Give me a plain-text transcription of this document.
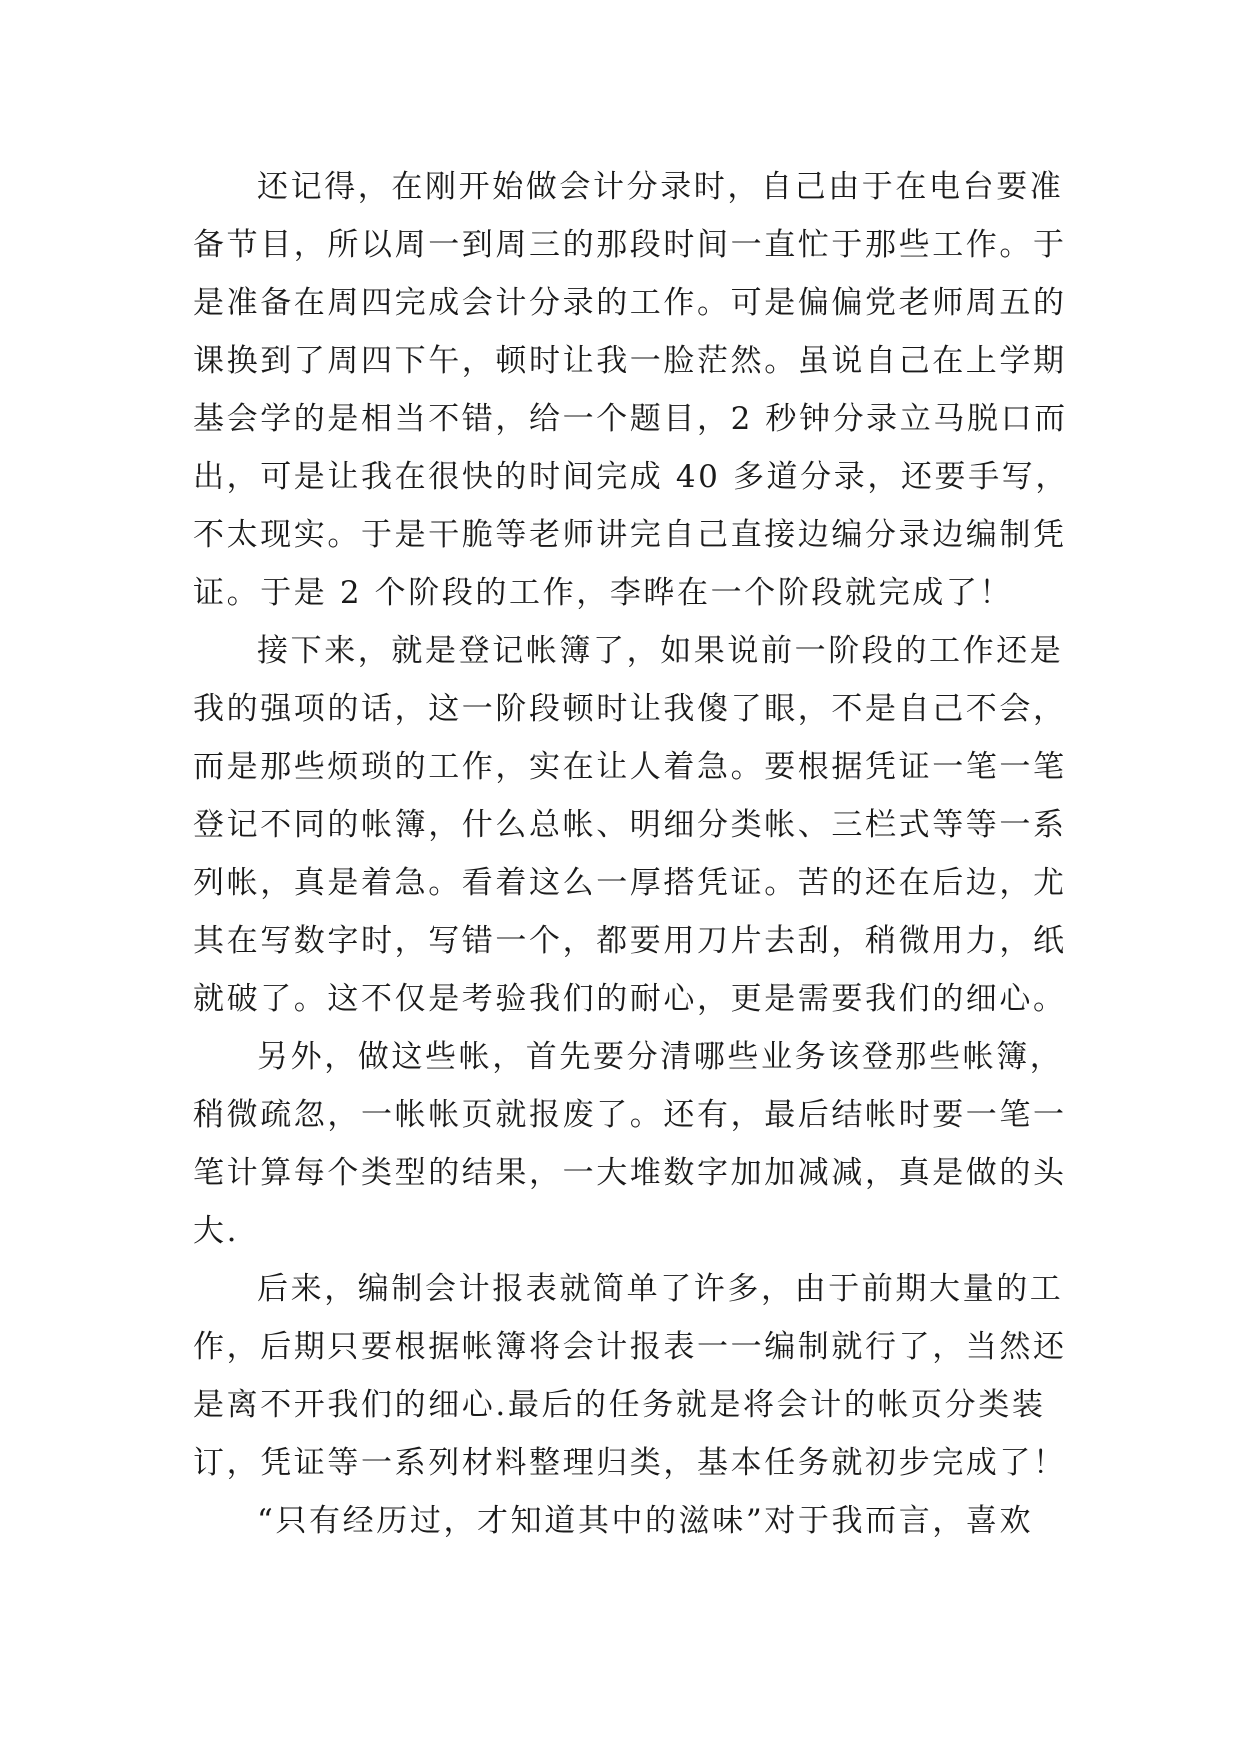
还记得，在刚开始做会计分录时，自己由于在电台要准
备节目，所以周一到周三的那段时间一直忙于那些工作。于
是准备在周四完成会计分录的工作。可是偏偏党老师周五的
课换到了周四下午，顿时让我一脸茫然。虽说自己在上学期
基会学的是相当不错，给一个题目，2 秒钟分录立马脱口而
出，可是让我在很快的时间完成 40 多道分录，还要手写，
不太现实。于是干脆等老师讲完自己直接边编分录边编制凭
证。于是 2 个阶段的工作，李晔在一个阶段就完成了！
接下来，就是登记帐簿了，如果说前一阶段的工作还是
我的强项的话，这一阶段顿时让我傻了眼，不是自己不会，
而是那些烦琐的工作，实在让人着急。要根据凭证一笔一笔
登记不同的帐簿，什么总帐、明细分类帐、三栏式等等一系
列帐，真是着急。看着这么一厚搭凭证。苦的还在后边，尤
其在写数字时，写错一个，都要用刀片去刮，稍微用力，纸
就破了。这不仅是考验我们的耐心，更是需要我们的细心。
另外，做这些帐，首先要分清哪些业务该登那些帐簿，
稍微疏忽，一帐帐页就报废了。还有，最后结帐时要一笔一
笔计算每个类型的结果，一大堆数字加加减减，真是做的头
大.
后来，编制会计报表就简单了许多，由于前期大量的工
作，后期只要根据帐簿将会计报表一一编制就行了，当然还
是离不开我们的细心.最后的任务就是将会计的帐页分类装
订，凭证等一系列材料整理归类，基本任务就初步完成了！
“只有经历过，才知道其中的滋味”对于我而言，喜欢
